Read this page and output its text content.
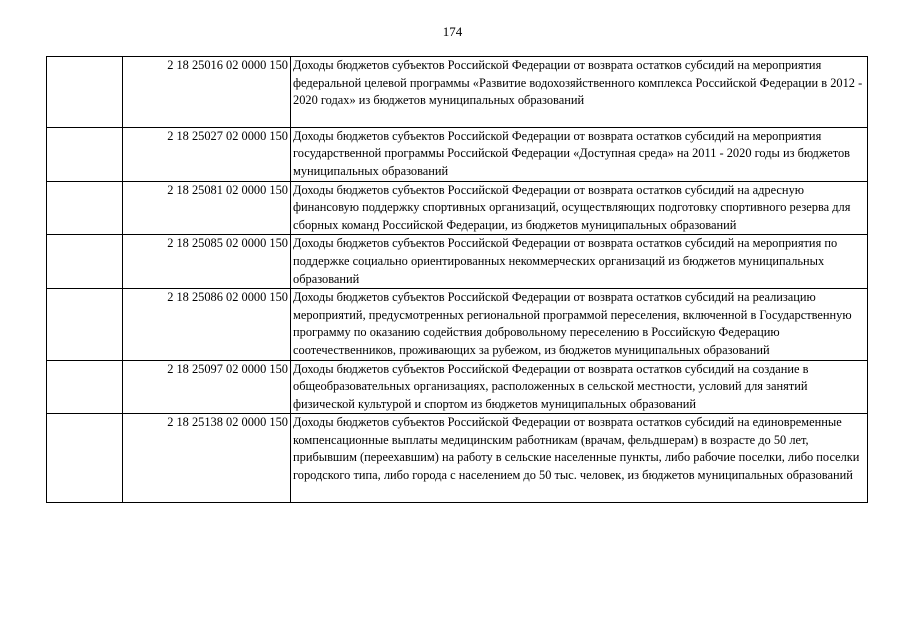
174
	2 18 25016 02 0000 150	Доходы бюджетов субъектов Российской Федерации от возврата остатков субсидий на мероприятия федеральной целевой программы «Развитие водохозяйственного комплекса Российской Федерации в 2012 - 2020 годах» из бюджетов муниципальных образований

	2 18 25027 02 0000 150	Доходы бюджетов субъектов Российской Федерации от возврата остатков субсидий на мероприятия государственной программы Российской Федерации «Доступная среда» на 2011 - 2020 годы из бюджетов муниципальных образований
	2 18 25081 02 0000 150	Доходы бюджетов субъектов Российской Федерации от возврата остатков субсидий на адресную финансовую поддержку спортивных организаций, осуществляющих подготовку спортивного резерва для сборных команд Российской Федерации, из бюджетов муниципальных образований
	2 18 25085 02 0000 150	Доходы бюджетов субъектов Российской Федерации от возврата остатков субсидий на мероприятия по поддержке социально ориентированных некоммерческих организаций из бюджетов муниципальных образований
	2 18 25086 02 0000 150	Доходы бюджетов субъектов Российской Федерации от возврата остатков субсидий на реализацию мероприятий, предусмотренных региональной программой переселения, включенной в Государственную программу по оказанию содействия добровольному переселению в Российскую Федерацию соотечественников, проживающих за рубежом, из бюджетов муниципальных образований
	2 18 25097 02 0000 150	Доходы бюджетов субъектов Российской Федерации от возврата остатков субсидий на создание в общеобразовательных организациях, расположенных в сельской местности, условий для занятий физической культурой и спортом из бюджетов муниципальных образований
	2 18 25138 02 0000 150	Доходы бюджетов субъектов Российской Федерации от возврата остатков субсидий на единовременные компенсационные выплаты медицинским работникам (врачам, фельдшерам) в возрасте до 50 лет, прибывшим (переехавшим) на работу в сельские населенные пункты, либо рабочие поселки, либо поселки городского типа, либо города с населением до 50 тыс. человек, из бюджетов муниципальных образований
